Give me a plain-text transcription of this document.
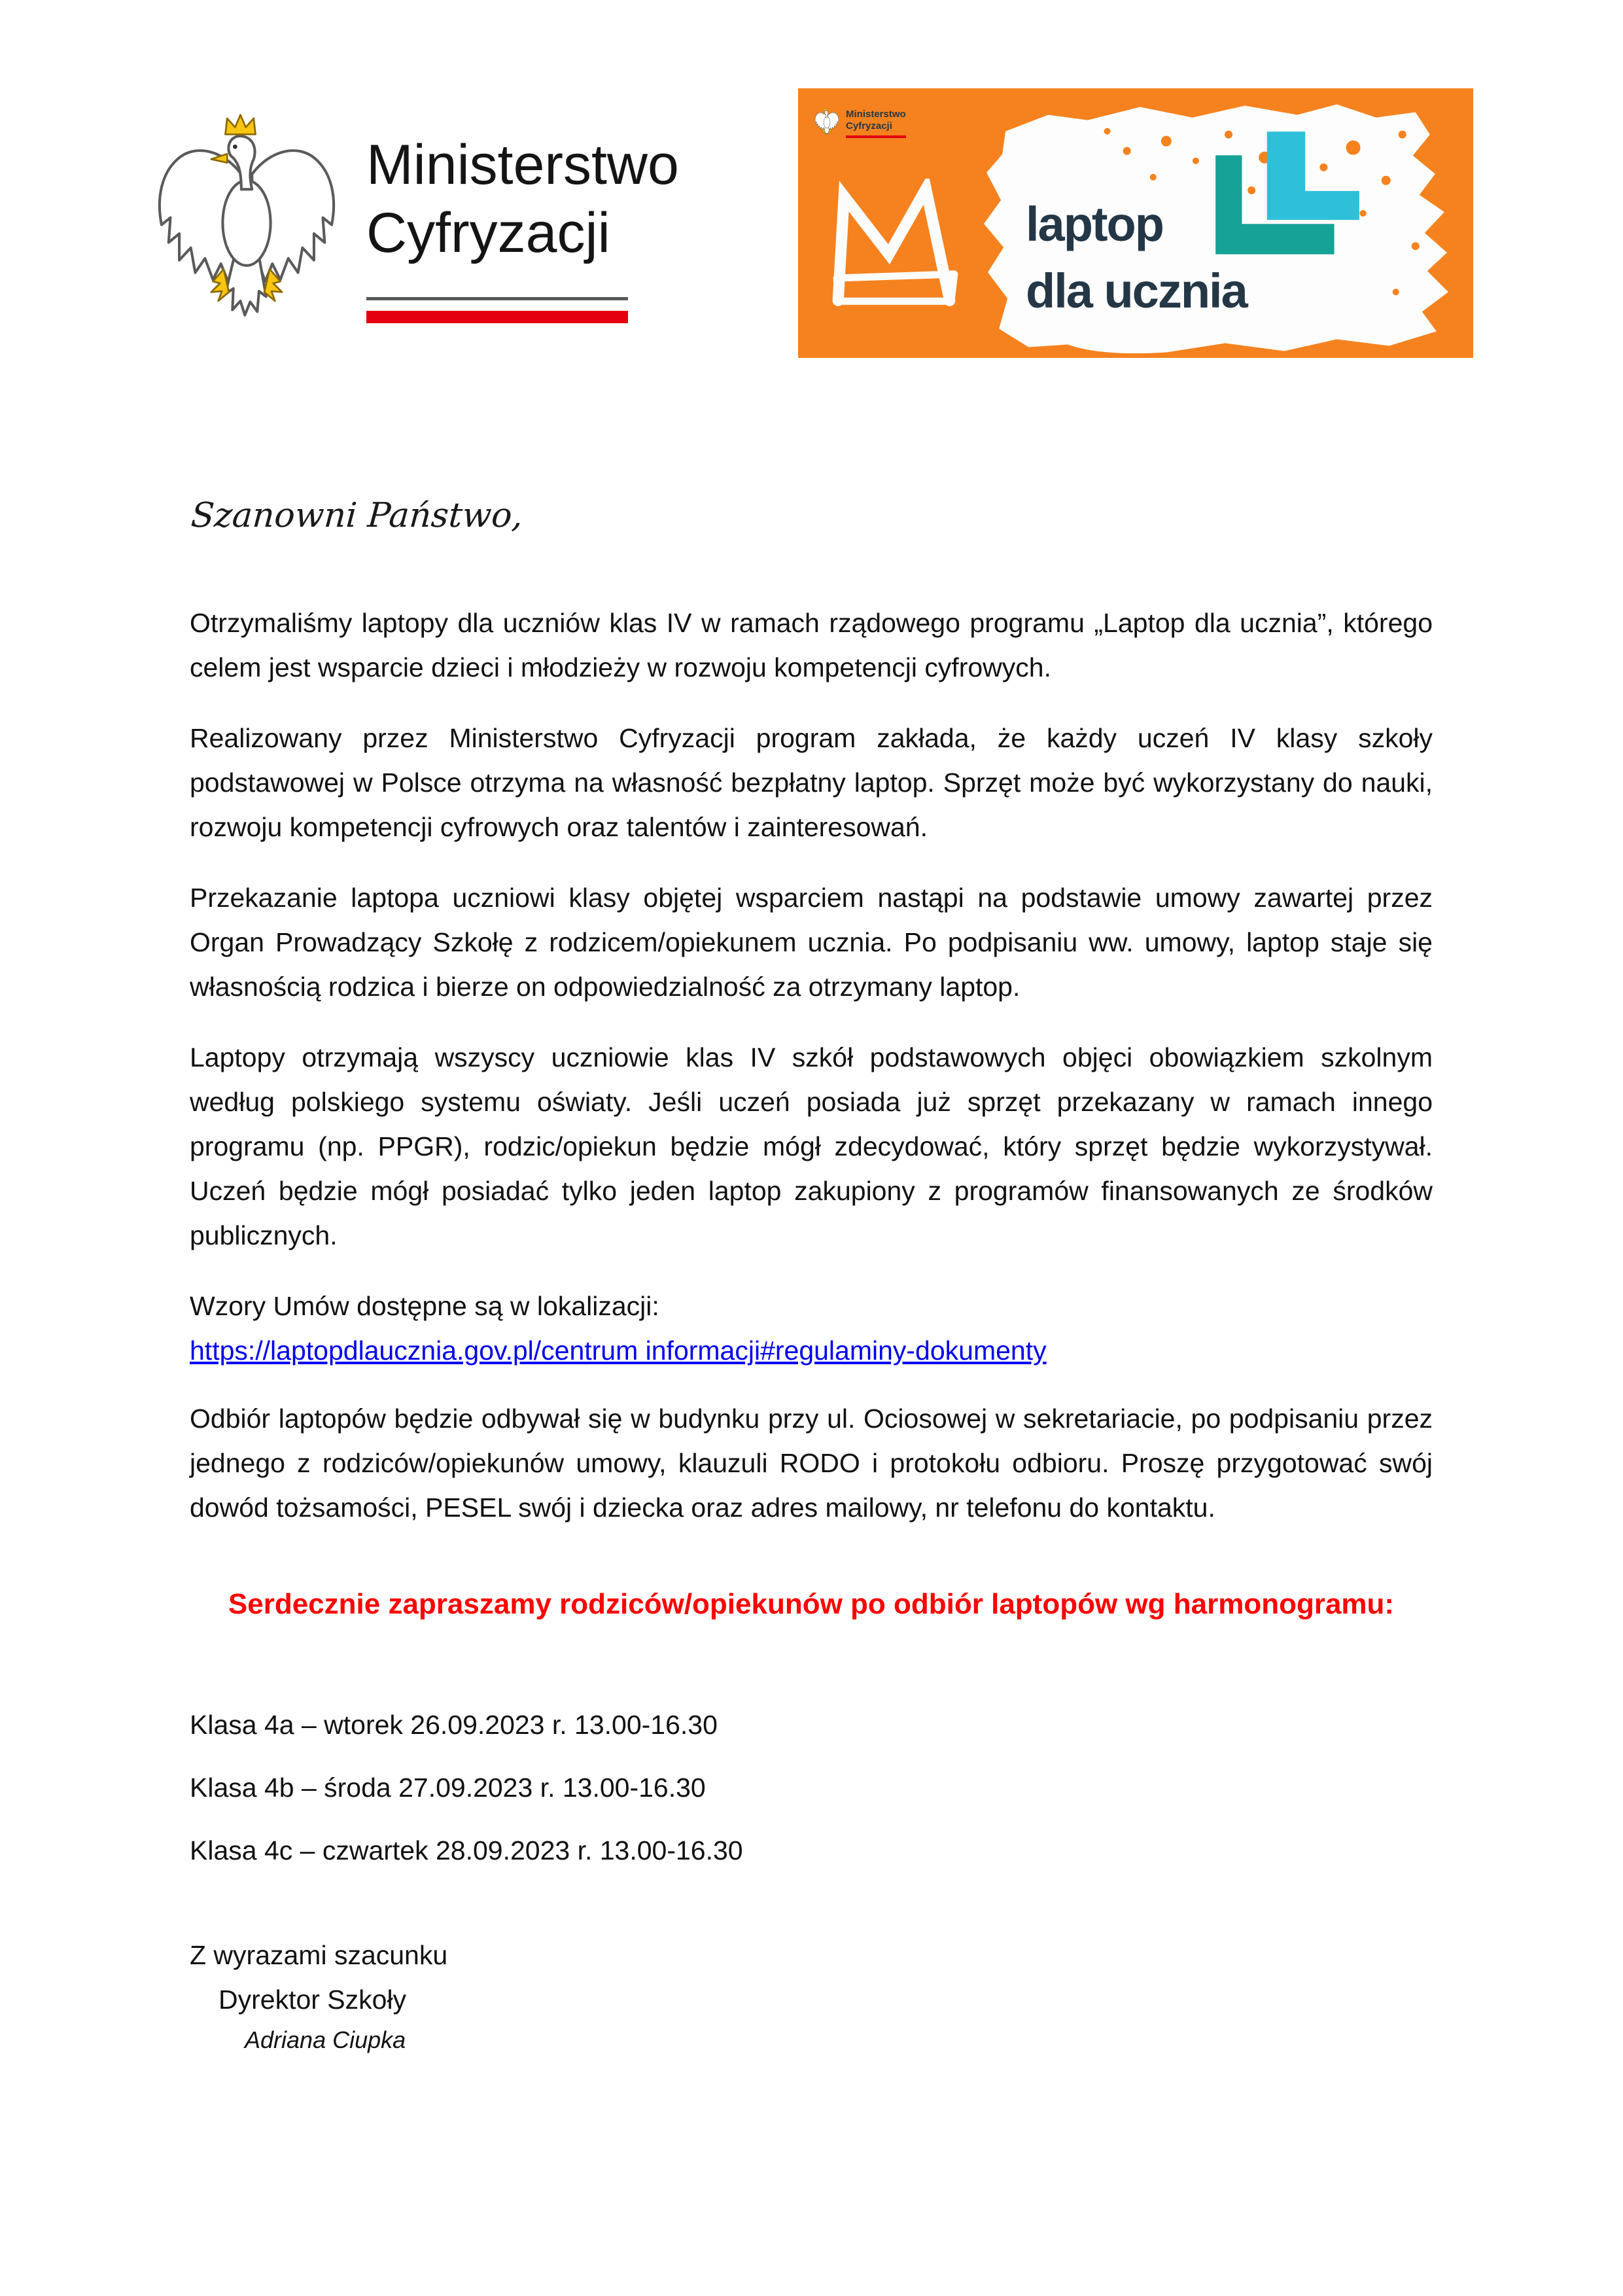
Ministerstwo
Cyfryzacji	laptop
dla ucznia
Ministerstwo
Cyfryzacji
Szanowni Państwo,

Otrzymaliśmy laptopy dla uczniów klas IV w ramach rządowego programu „Laptop dla ucznia”, którego celem jest wsparcie dzieci i młodzieży w rozwoju kompetencji cyfrowych.

Realizowany przez Ministerstwo Cyfryzacji program zakłada, że każdy uczeń IV klasy szkoły podstawowej w Polsce otrzyma na własność bezpłatny laptop. Sprzęt może być wykorzystany do nauki, rozwoju kompetencji cyfrowych oraz talentów i zainteresowań.

Przekazanie laptopa uczniowi klasy objętej wsparciem nastąpi na podstawie umowy zawartej przez Organ Prowadzący Szkołę z rodzicem/opiekunem ucznia. Po podpisaniu ww. umowy, laptop staje się własnością rodzica i bierze on odpowiedzialność za otrzymany laptop.

Laptopy otrzymają wszyscy uczniowie klas IV szkół podstawowych objęci obowiązkiem szkolnym według polskiego systemu oświaty. Jeśli uczeń posiada już sprzęt przekazany w ramach innego programu (np. PPGR), rodzic/opiekun będzie mógł zdecydować, który sprzęt będzie wykorzystywał. Uczeń będzie mógł posiadać tylko jeden laptop zakupiony z programów finansowanych ze środków publicznych.

Wzory Umów dostępne są w lokalizacji:

https://laptopdlaucznia.gov.pl/centrum informacji#regulaminy-dokumenty

Odbiór laptopów będzie odbywał się w budynku przy ul. Ociosowej w sekretariacie, po podpisaniu przez jednego z rodziców/opiekunów umowy, klauzuli RODO i protokołu odbioru. Proszę przygotować swój dowód tożsamości, PESEL swój i dziecka oraz adres mailowy, nr telefonu do kontaktu.

Serdecznie zapraszamy rodziców/opiekunów po odbiór laptopów wg harmonogramu:

Klasa 4a – wtorek 26.09.2023 r. 13.00-16.30

Klasa 4b – środa 27.09.2023 r. 13.00-16.30

Klasa 4c – czwartek 28.09.2023 r. 13.00-16.30

Z wyrazami szacunku

Dyrektor Szkoły

Adriana Ciupka
